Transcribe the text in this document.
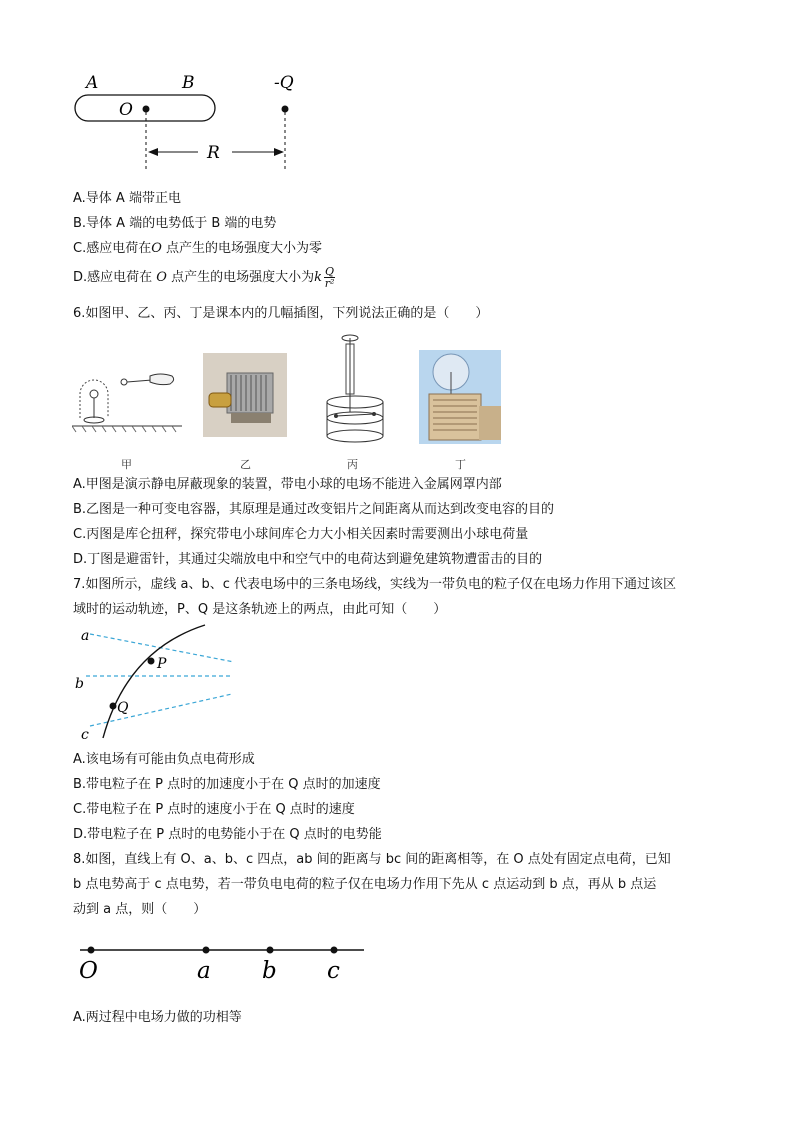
A	B	-Q
O
R
A.导体 A 端带正电
B.导体 A 端的电势低于 B 端的电势
C.感应电荷在O 点产生的电场强度大小为零
D.感应电荷在 O 点产生的电场强度大小为k $\frac{Q}{\text{r²}}$
6.如图甲、乙、丙、丁是课本内的几幅插图，下列说法正确的是（　　）
甲	乙	丙	丁
A.甲图是演示静电屏蔽现象的装置，带电小球的电场不能进入金属网罩内部
B.乙图是一种可变电容器，其原理是通过改变铝片之间距离从而达到改变电容的目的
C.丙图是库仑扭秤，探究带电小球间库仑力大小相关因素时需要测出小球电荷量
D.丁图是避雷针，其通过尖端放电中和空气中的电荷达到避免建筑物遭雷击的目的
7.如图所示，虚线 a、b、c 代表电场中的三条电场线，实线为一带负电的粒子仅在电场力作用下通过该区
域时的运动轨迹，P、Q 是这条轨迹上的两点，由此可知（　　）
a
b
c
P
Q
A.该电场有可能由负点电荷形成
B.带电粒子在 P 点时的加速度小于在 Q 点时的加速度
C.带电粒子在 P 点时的速度小于在 Q 点时的速度
D.带电粒子在 P 点时的电势能小于在 Q 点时的电势能
8.如图，直线上有 O、a、b、c 四点，ab 间的距离与 bc 间的距离相等，在 O 点处有固定点电荷，已知
b 点电势高于 c 点电势，若一带负电电荷的粒子仅在电场力作用下先从 c 点运动到 b 点，再从 b 点运
动到 a 点，则（　　）
O	a b c
A.两过程中电场力做的功相等
